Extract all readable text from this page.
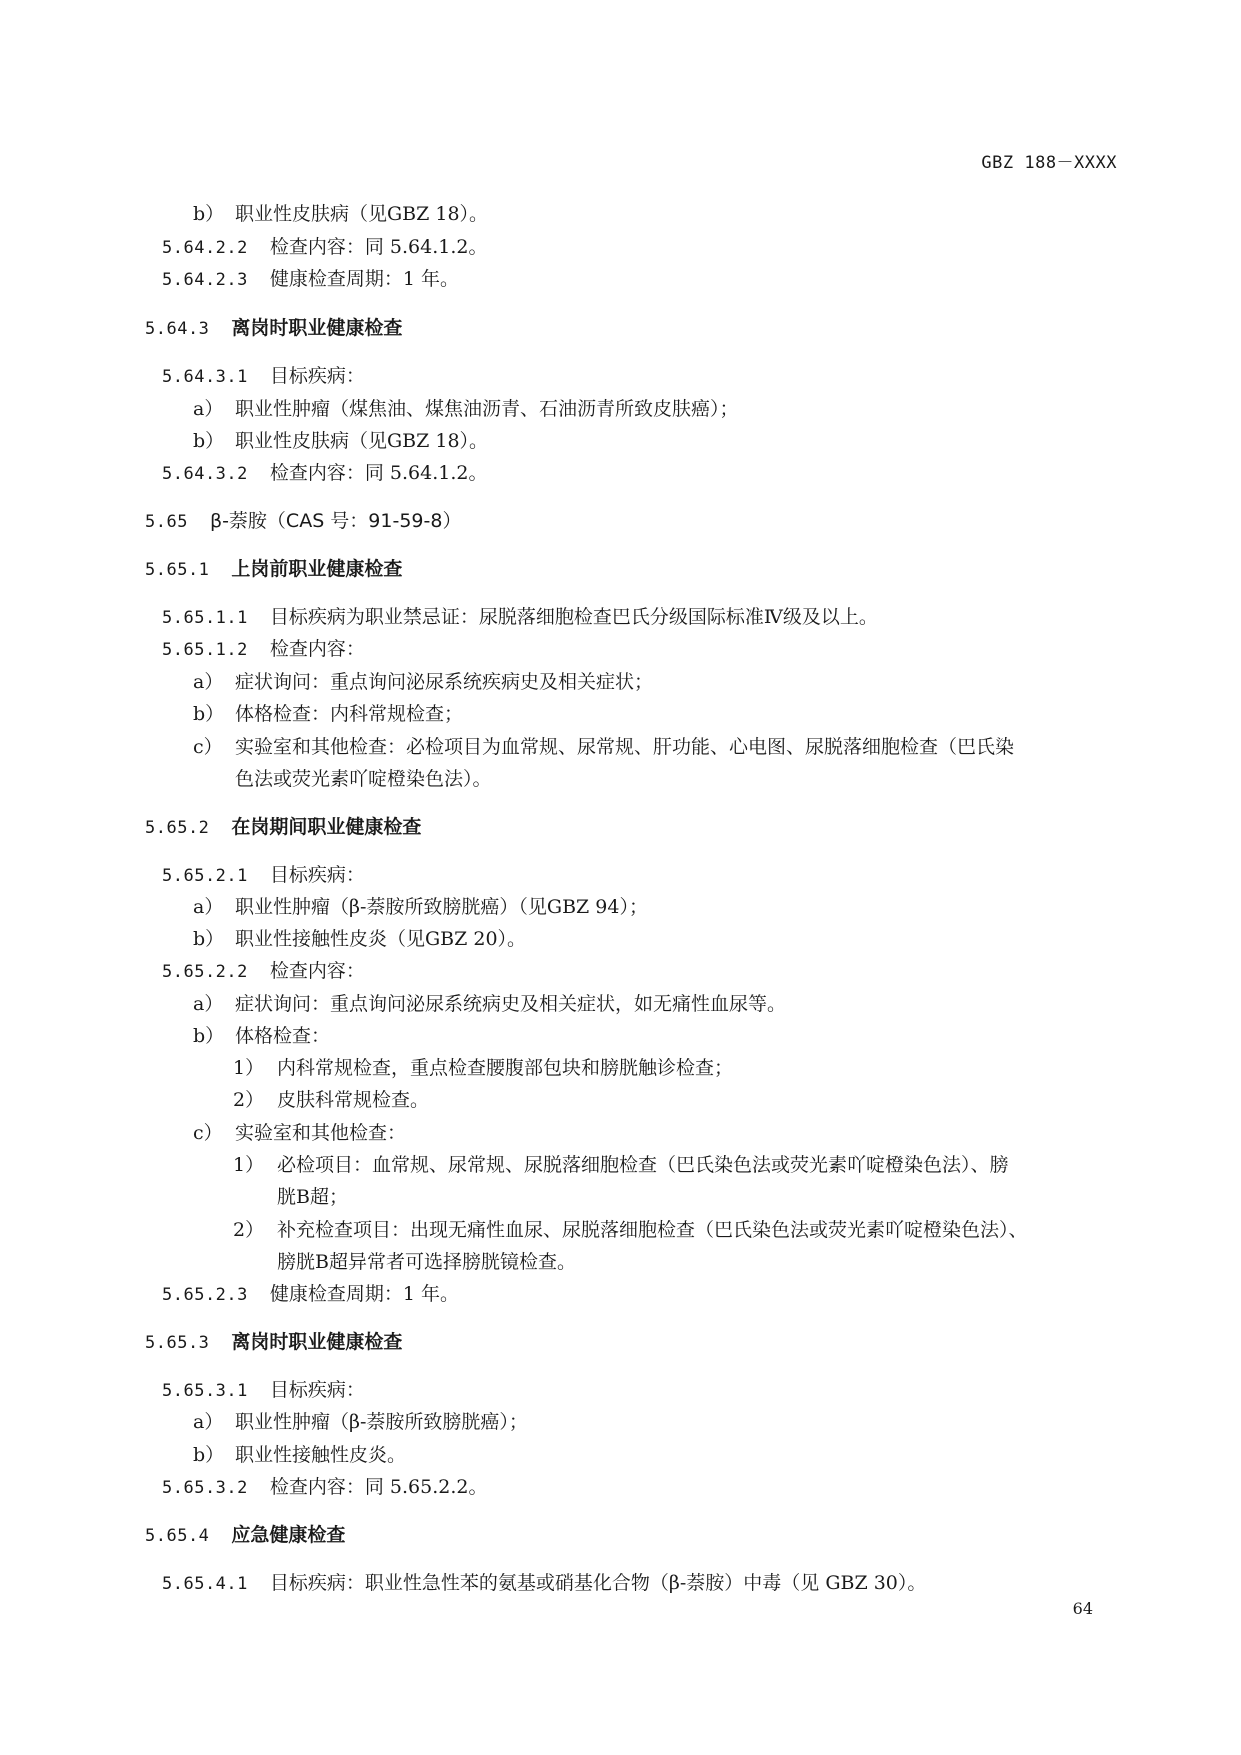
GBZ 188－XXXX
b） 职业性皮肤病（见GBZ 18）。
5.64.2.2 检查内容：同 5.64.1.2。
5.64.2.3 健康检查周期：1 年。
5.64.3 离岗时职业健康检查
5.64.3.1 目标疾病：
a） 职业性肿瘤（煤焦油、煤焦油沥青、石油沥青所致皮肤癌）；
b） 职业性皮肤病（见GBZ 18）。
5.64.3.2 检查内容：同 5.64.1.2。
5.65 β-萘胺（CAS 号：91-59-8）
5.65.1 上岗前职业健康检查
5.65.1.1 目标疾病为职业禁忌证：尿脱落细胞检查巴氏分级国际标准Ⅳ级及以上。
5.65.1.2 检查内容：
a） 症状询问：重点询问泌尿系统疾病史及相关症状；
b） 体格检查：内科常规检查；
c） 实验室和其他检查：必检项目为血常规、尿常规、肝功能、心电图、尿脱落细胞检查（巴氏染
色法或荧光素吖啶橙染色法）。
5.65.2 在岗期间职业健康检查
5.65.2.1 目标疾病：
a） 职业性肿瘤（β-萘胺所致膀胱癌）（见GBZ 94）；
b） 职业性接触性皮炎（见GBZ 20）。
5.65.2.2 检查内容：
a） 症状询问：重点询问泌尿系统病史及相关症状，如无痛性血尿等。
b） 体格检查：
1） 内科常规检查，重点检查腰腹部包块和膀胱触诊检查；
2） 皮肤科常规检查。
c） 实验室和其他检查：
1） 必检项目：血常规、尿常规、尿脱落细胞检查（巴氏染色法或荧光素吖啶橙染色法）、膀
胱B超；
2） 补充检查项目：出现无痛性血尿、尿脱落细胞检查（巴氏染色法或荧光素吖啶橙染色法）、
膀胱B超异常者可选择膀胱镜检查。
5.65.2.3 健康检查周期：1 年。
5.65.3 离岗时职业健康检查
5.65.3.1 目标疾病：
a） 职业性肿瘤（β-萘胺所致膀胱癌）；
b） 职业性接触性皮炎。
5.65.3.2 检查内容：同 5.65.2.2。
5.65.4 应急健康检查
5.65.4.1 目标疾病：职业性急性苯的氨基或硝基化合物（β-萘胺）中毒（见 GBZ 30）。
64
